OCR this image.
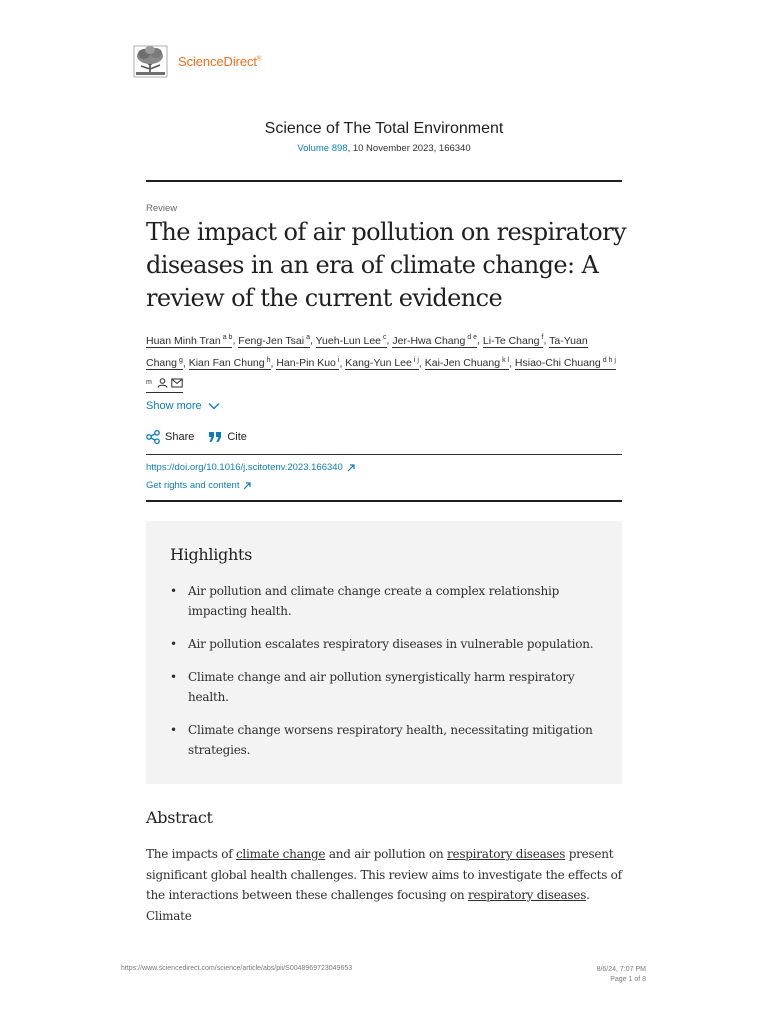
ScienceDirect®
Science of The Total Environment
Volume 898, 10 November 2023, 166340
Review
The impact of air pollution on respiratory diseases in an era of climate change: A review of the current evidence
Huan Minh Tran $^{a b}$, Feng-Jen Tsai $^a$, Yueh-Lun Lee $^c$, Jer-Hwa Chang $^{d e}$, Li-Te Chang $^f$, Ta-Yuan Chang $^g$, Kian Fan Chung $^h$, Han-Pin Kuo $^i$, Kang-Yun Lee $^{i j}$, Kai-Jen Chuang $^{k l}$, Hsiao-Chi Chuang $^{d h j m}$
Show more
Share	Cite
https://doi.org/10.1016/j.scitotenv.2023.166340
Get rights and content
Highlights
• Air pollution and climate change create a complex relationship impacting health.
• Air pollution escalates respiratory diseases in vulnerable population.
• Climate change and air pollution synergistically harm respiratory health.
• Climate change worsens respiratory health, necessitating mitigation strategies.
Abstract

The impacts of climate change and air pollution on respiratory diseases present significant global health challenges. This review aims to investigate the effects of the interactions between these challenges focusing on respiratory diseases. Climate

https://www.sciencedirect.com/science/article/abs/pii/S0048969723049653	8/6/24, 7:07 PM
Page 1 of 8
